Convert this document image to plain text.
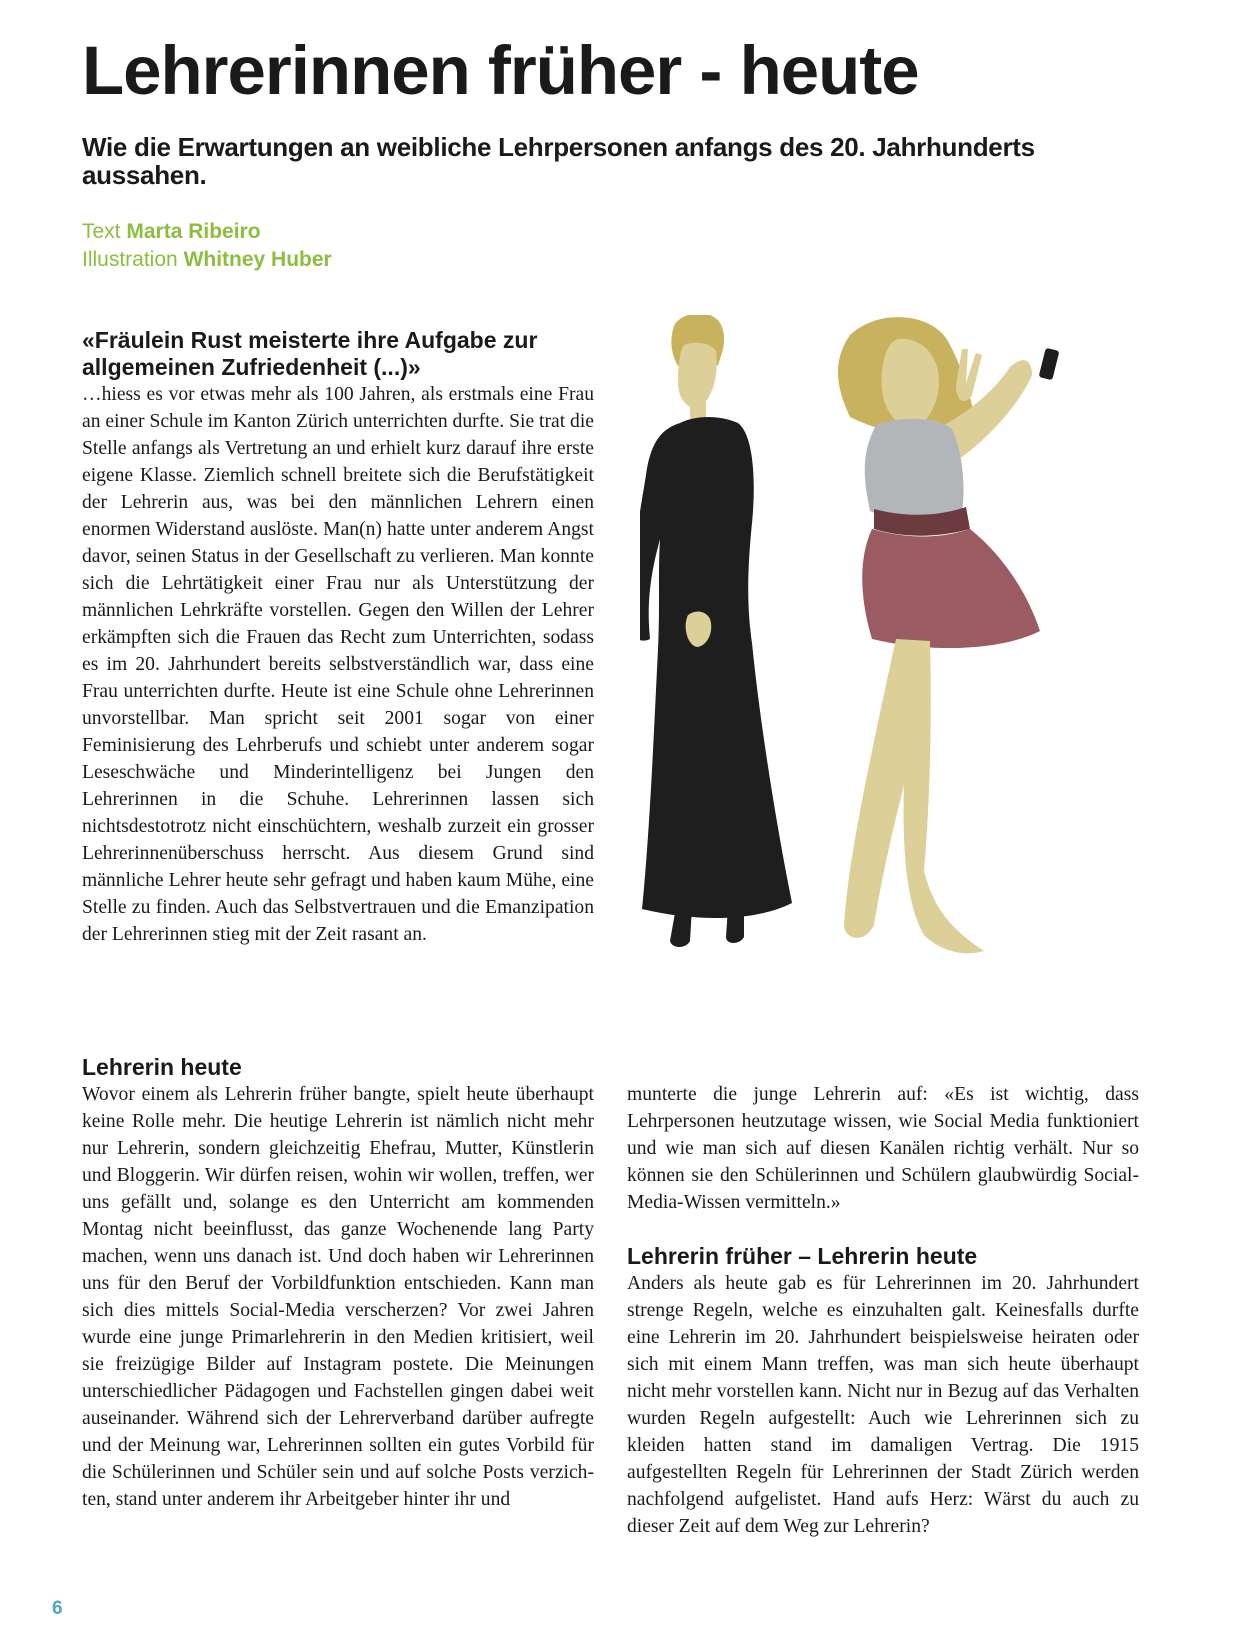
Lehrerinnen früher - heute
Wie die Erwartungen an weibliche Lehrpersonen anfangs des 20. Jahrhunderts aussahen.
Text Marta Ribeiro
Illustration Whitney Huber

«Fräulein Rust meisterte ihre Aufgabe zur allgemeinen Zufriedenheit (...)»

…hiess es vor etwas mehr als 100 Jahren, als erstmals eine Frau an einer Schule im Kanton Zürich unterrichten durfte. Sie trat die Stelle anfangs als Vertretung an und erhielt kurz darauf ihre erste eigene Klasse. Ziemlich schnell breitete sich die Berufstätigkeit der Lehrerin aus, was bei den männlichen Lehrern einen enormen Widerstand auslöste. Man(n) hatte unter anderem Angst davor, seinen Status in der Gesellschaft zu verlieren. Man konnte sich die Lehrtätigkeit einer Frau nur als Unterstützung der männlichen Lehrkräfte vorstellen. Gegen den Willen der Lehrer erkämpften sich die Frauen das Recht zum Unterrichten, sodass es im 20. Jahrhundert bereits selbstverständlich war, dass eine Frau unterrichten durfte. Heute ist eine Schule ohne Lehrerinnen unvorstellbar. Man spricht seit 2001 sogar von einer Feminisierung des Lehrberufs und schiebt unter anderem sogar Leseschwäche und Minderintelligenz bei Jungen den Lehrerinnen in die Schuhe. Lehrerinnen lassen sich nichtsdestotrotz nicht einschüchtern, weshalb zurzeit ein grosser Lehrerinnenüberschuss herrscht. Aus diesem Grund sind männliche Lehrer heute sehr gefragt und haben kaum Mühe, eine Stelle zu finden. Auch das Selbstvertrauen und die Emanzipation der Lehrerinnen stieg mit der Zeit rasant an.

Lehrerin heute

Wovor einem als Lehrerin früher bangte, spielt heute überhaupt keine Rolle mehr. Die heutige Lehrerin ist nämlich nicht mehr nur Lehrerin, sondern gleichzeitig Ehefrau, Mutter, Künstlerin und Bloggerin. Wir dürfen reisen, wohin wir wollen, treffen, wer uns gefällt und, solange es den Unterricht am kommenden Montag nicht beeinflusst, das ganze Wochenende lang Party machen, wenn uns danach ist. Und doch haben wir Lehrerinnen uns für den Beruf der Vorbildfunktion entschieden. Kann man sich dies mittels Social-Media verscherzen? Vor zwei Jahren wurde eine junge Primarlehrerin in den Medien kritisiert, weil sie freizügige Bilder auf Instagram postete. Die Meinungen unterschiedlicher Pädagogen und Fachstellen gingen dabei weit auseinander. Während sich der Lehrerverband darüber aufregte und der Meinung war, Lehrerinnen sollten ein gutes Vorbild für die Schülerinnen und Schüler sein und auf solche Posts verzichten, stand unter anderem ihr Arbeitgeber hinter ihr und

munterte die junge Lehrerin auf: «Es ist wichtig, dass Lehrpersonen heutzutage wissen, wie Social Media funktioniert und wie man sich auf diesen Kanälen richtig verhält. Nur so können sie den Schülerinnen und Schülern glaubwürdig Social-Media-Wissen vermitteln.»

Lehrerin früher – Lehrerin heute

Anders als heute gab es für Lehrerinnen im 20. Jahrhundert strenge Regeln, welche es einzuhalten galt. Keinesfalls durfte eine Lehrerin im 20. Jahrhundert beispielsweise heiraten oder sich mit einem Mann treffen, was man sich heute überhaupt nicht mehr vorstellen kann. Nicht nur in Bezug auf das Verhalten wurden Regeln aufgestellt: Auch wie Lehrerinnen sich zu kleiden hatten stand im damaligen Vertrag. Die 1915 aufgestellten Regeln für Lehrerinnen der Stadt Zürich werden nachfolgend aufgelistet. Hand aufs Herz: Wärst du auch zu dieser Zeit auf dem Weg zur Lehrerin?

6
